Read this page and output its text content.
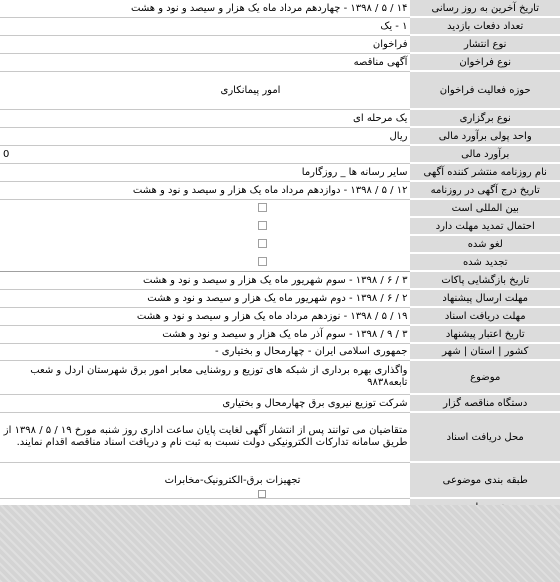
تاریخ آخرین به روز رسانی	۱۴ / ۵ / ۱۳۹۸ - چهاردهم مرداد ماه یک هزار و سیصد و نود و هشت
تعداد دفعات بازدید	۱ - یک
نوع انتشار	فراخوان
نوع فراخوان	آگهی مناقصه
حوزه فعالیت فراخوان	امور پیمانکاری
نوع برگزاری	یک مرحله ای
واحد پولی برآورد مالی	ریال
برآورد مالی	0
نام روزنامه منتشر کننده آگهی	سایر رسانه ها _ روزگارما
تاریخ درج آگهی در روزنامه	۱۲ / ۵ / ۱۳۹۸ - دوازدهم مرداد ماه یک هزار و سیصد و نود و هشت
بین المللی است	
احتمال تمدید مهلت دارد	
لغو شده	
تجدید شده	
تاریخ بازگشایی پاکات	۳ / ۶ / ۱۳۹۸ - سوم شهریور ماه یک هزار و سیصد و نود و هشت
مهلت ارسال پیشنهاد	۲ / ۶ / ۱۳۹۸ - دوم شهریور ماه یک هزار و سیصد و نود و هشت
مهلت دریافت اسناد	۱۹ / ۵ / ۱۳۹۸ - نوزدهم مرداد ماه یک هزار و سیصد و نود و هشت
تاریخ اعتبار پیشنهاد	۳ / ۹ / ۱۳۹۸ - سوم آذر ماه یک هزار و سیصد و نود و هشت
کشور | استان | شهر	جمهوری اسلامی ایران - چهارمحال و بختیاری -
موضوع	واگذاری بهره برداری از شبکه های توزیع و روشنایی معابر امور برق شهرستان اردل و شعب تابعه۹۸۳۸
دستگاه مناقصه گزار	شرکت توزیع نیروی برق چهارمحال و بختیاری
محل دریافت اسناد	متقاضیان می توانند پس از انتشار آگهی لغایت پایان ساعت اداری روز شنبه مورخ ۱۹ / ۵ / ۱۳۹۸ از طریق سامانه تدارکات الکترونیکی دولت نسبت به ثبت نام و دریافت اسناد مناقصه اقدام نمایند.
طبقه بندی موضوعی	تجهیزات برق-الکترونیک-مخابرات
